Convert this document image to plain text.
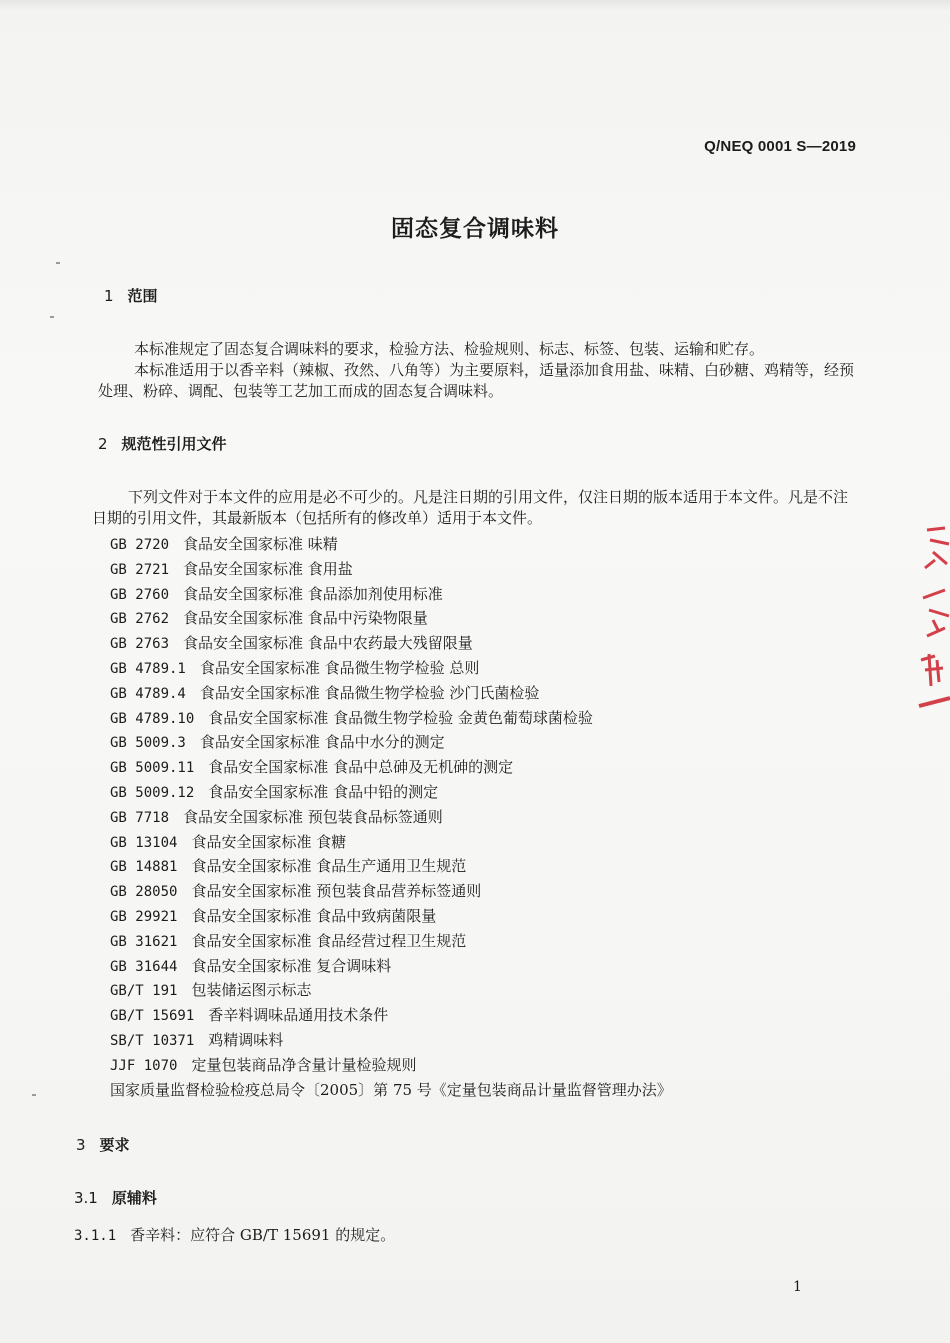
Q/NEQ 0001 S—2019
固态复合调味料
1 范围

本标准规定了固态复合调味料的要求，检验方法、检验规则、标志、标签、包装、运输和贮存。

本标准适用于以香辛料（辣椒、孜然、八角等）为主要原料，适量添加食用盐、味精、白砂糖、鸡精等，经预处理、粉碎、调配、包装等工艺加工而成的固态复合调味料。

2 规范性引用文件

下列文件对于本文件的应用是必不可少的。凡是注日期的引用文件，仅注日期的版本适用于本文件。凡是不注日期的引用文件，其最新版本（包括所有的修改单）适用于本文件。

GB 2720 食品安全国家标准 味精
GB 2721 食品安全国家标准 食用盐
GB 2760 食品安全国家标准 食品添加剂使用标准
GB 2762 食品安全国家标准 食品中污染物限量
GB 2763 食品安全国家标准 食品中农药最大残留限量
GB 4789.1 食品安全国家标准 食品微生物学检验 总则
GB 4789.4 食品安全国家标准 食品微生物学检验 沙门氏菌检验
GB 4789.10 食品安全国家标准 食品微生物学检验 金黄色葡萄球菌检验
GB 5009.3 食品安全国家标准 食品中水分的测定
GB 5009.11 食品安全国家标准 食品中总砷及无机砷的测定
GB 5009.12 食品安全国家标准 食品中铅的测定
GB 7718 食品安全国家标准 预包装食品标签通则
GB 13104 食品安全国家标准 食糖
GB 14881 食品安全国家标准 食品生产通用卫生规范
GB 28050 食品安全国家标准 预包装食品营养标签通则
GB 29921 食品安全国家标准 食品中致病菌限量
GB 31621 食品安全国家标准 食品经营过程卫生规范
GB 31644 食品安全国家标准 复合调味料
GB/T 191 包装储运图示标志
GB/T 15691 香辛料调味品通用技术条件
SB/T 10371 鸡精调味料
JJF 1070 定量包装商品净含量计量检验规则
国家质量监督检验检疫总局令〔2005〕第 75 号《定量包装商品计量监督管理办法》
3 要求
3.1 原辅料
3.1.1 香辛料：应符合 GB/T 15691 的规定。
1
